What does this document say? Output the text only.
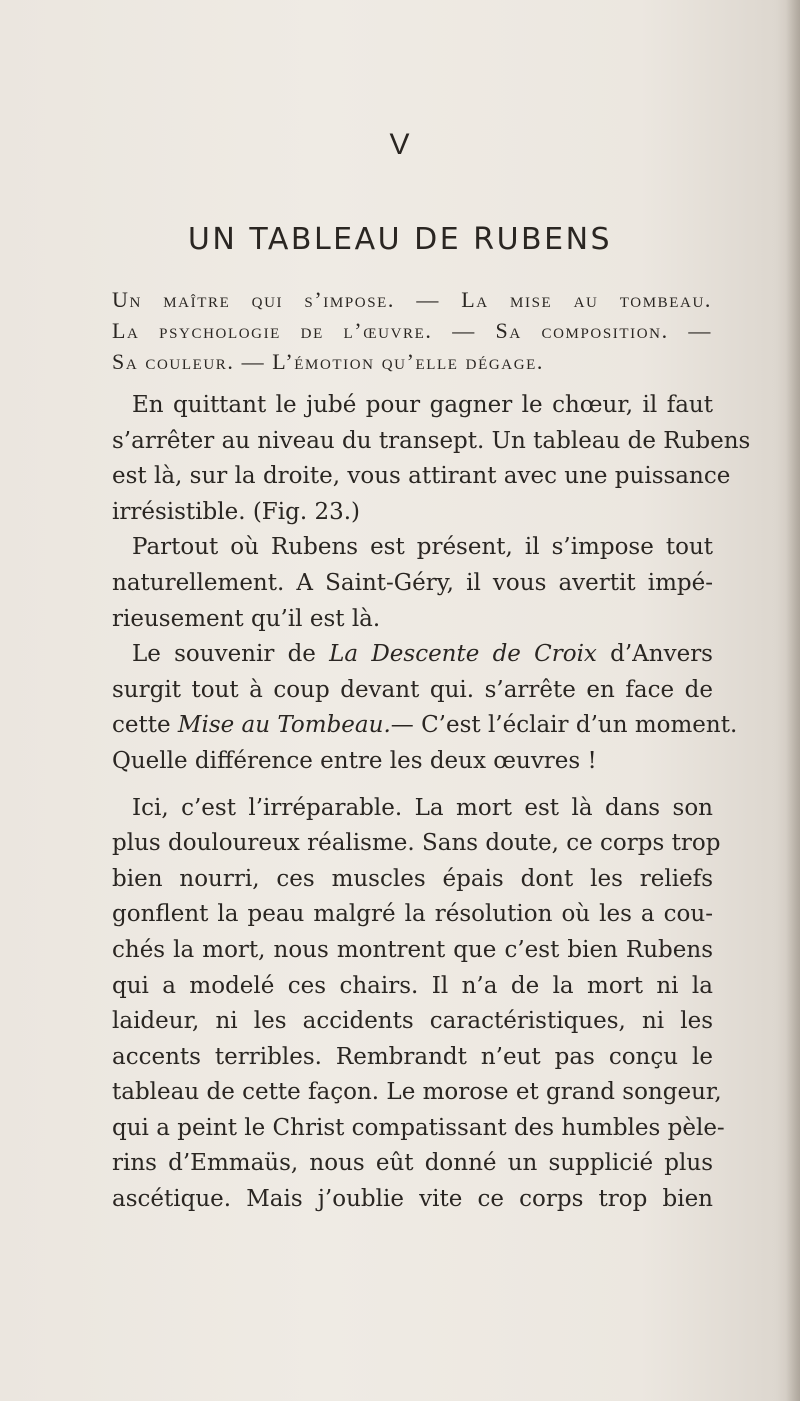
V
UN TABLEAU DE RUBENS
Un maître qui s’impose. — La mise au tombeau.
La psychologie de l’œuvre. — Sa composition. —
Sa couleur. — L’émotion qu’elle dégage.
En quittant le jubé pour gagner le chœur, il faut
s’arrêter au niveau du transept. Un tableau de Rubens
est là, sur la droite, vous attirant avec une puissance
irrésistible. (Fig. 23.)
Partout où Rubens est présent, il s’impose tout
naturellement. A Saint-Géry, il vous avertit impé-
rieusement qu’il est là.
Le souvenir de La Descente de Croix d’Anvers
surgit tout à coup devant qui. s’arrête en face de
cette Mise au Tombeau.— C’est l’éclair d’un moment.
Quelle différence entre les deux œuvres !
Ici, c’est l’irréparable. La mort est là dans son
plus douloureux réalisme. Sans doute, ce corps trop
bien nourri, ces muscles épais dont les reliefs
gonflent la peau malgré la résolution où les a cou-
chés la mort, nous montrent que c’est bien Rubens
qui a modelé ces chairs. Il n’a de la mort ni la
laideur, ni les accidents caractéristiques, ni les
accents terribles. Rembrandt n’eut pas conçu le
tableau de cette façon. Le morose et grand songeur,
qui a peint le Christ compatissant des humbles pèle-
rins d’Emmaüs, nous eût donné un supplicié plus
ascétique. Mais j’oublie vite ce corps trop bien
